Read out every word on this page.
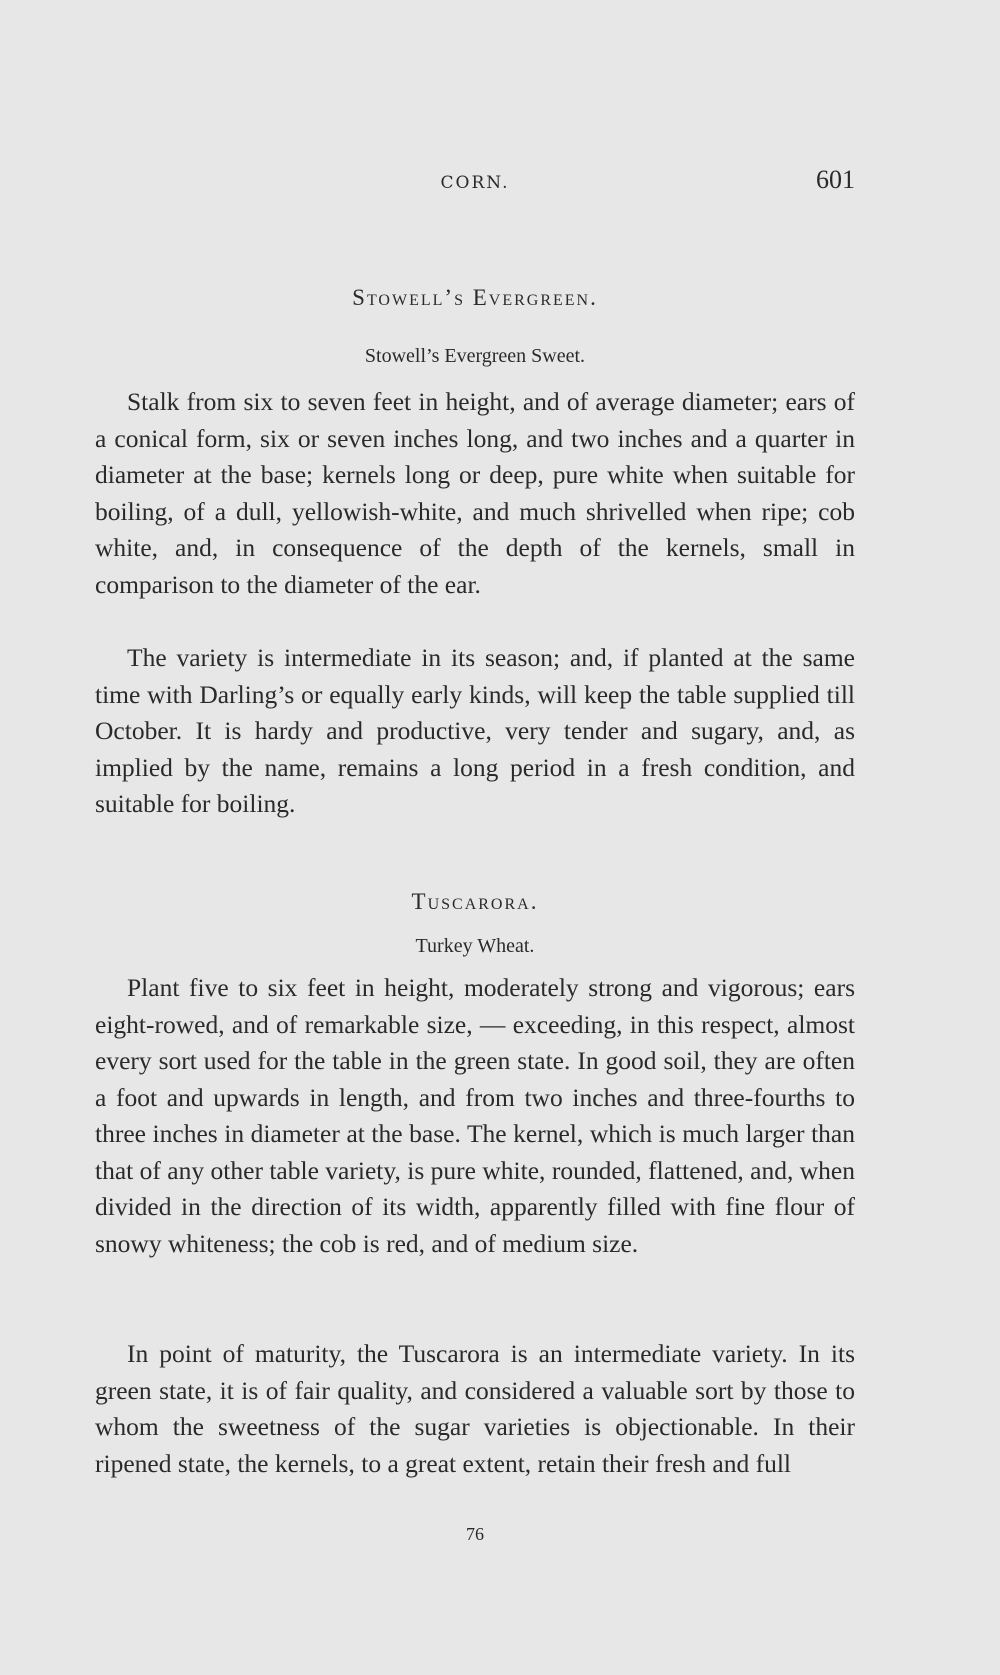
CORN.	601
Stowell’s Evergreen.
Stowell’s Evergreen Sweet.

Stalk from six to seven feet in height, and of average diameter; ears of a conical form, six or seven inches long, and two inches and a quarter in diameter at the base; kernels long or deep, pure white when suitable for boiling, of a dull, yellowish-white, and much shrivelled when ripe; cob white, and, in consequence of the depth of the kernels, small in comparison to the diameter of the ear.

The variety is intermediate in its season; and, if planted at the same time with Darling’s or equally early kinds, will keep the table supplied till October. It is hardy and productive, very tender and sugary, and, as implied by the name, remains a long period in a fresh condition, and suitable for boiling.

Tuscarora.
Turkey Wheat.

Plant five to six feet in height, moderately strong and vigorous; ears eight-rowed, and of remarkable size, — exceeding, in this respect, almost every sort used for the table in the green state. In good soil, they are often a foot and upwards in length, and from two inches and three-fourths to three inches in diameter at the base. The kernel, which is much larger than that of any other table variety, is pure white, rounded, flattened, and, when divided in the direction of its width, apparently filled with fine flour of snowy whiteness; the cob is red, and of medium size.

In point of maturity, the Tuscarora is an intermediate variety. In its green state, it is of fair quality, and considered a valuable sort by those to whom the sweetness of the sugar varieties is objectionable. In their ripened state, the kernels, to a great extent, retain their fresh and full

76
